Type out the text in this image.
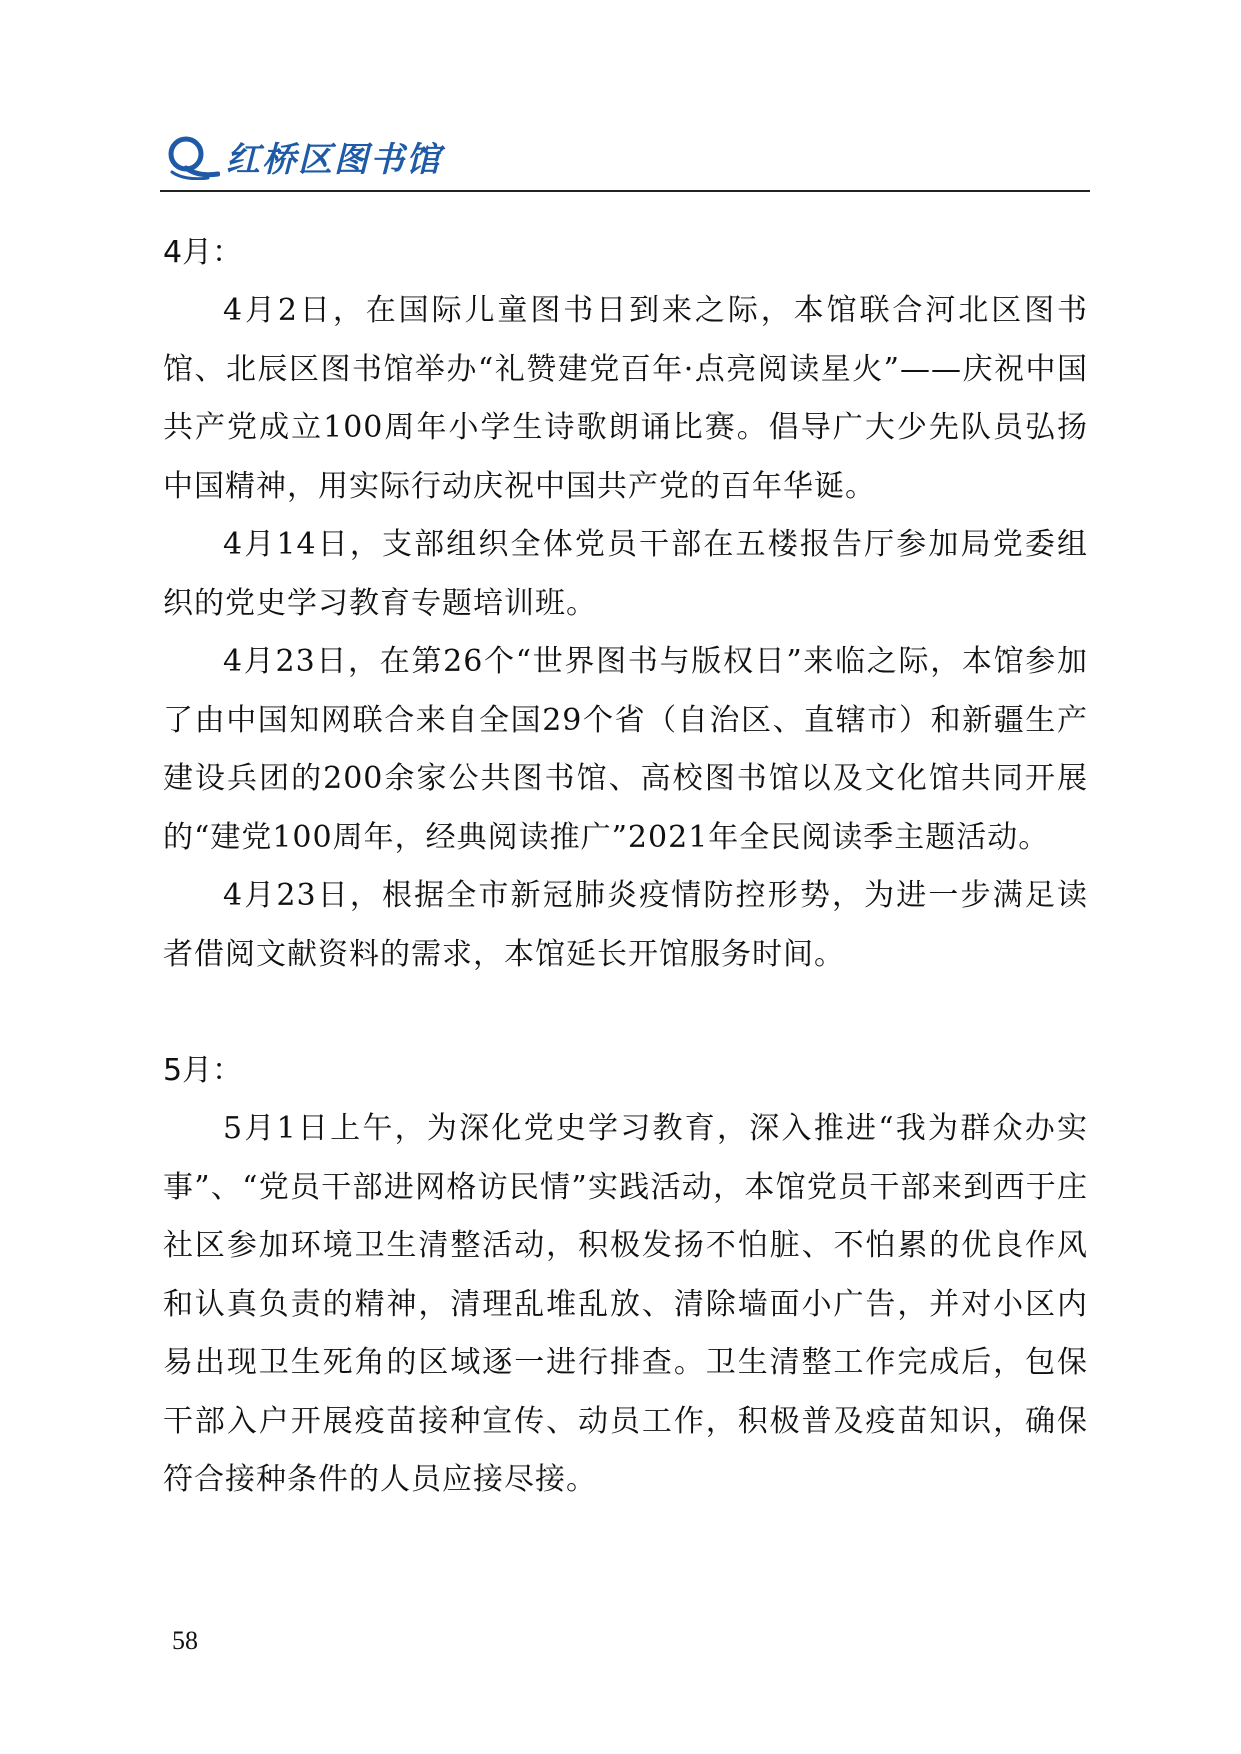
红桥区图书馆
4月：

4月2日，在国际儿童图书日到来之际，本馆联合河北区图书馆、北辰区图书馆举办“礼赞建党百年·点亮阅读星火”——庆祝中国共产党成立100周年小学生诗歌朗诵比赛。倡导广大少先队员弘扬中国精神，用实际行动庆祝中国共产党的百年华诞。

4月14日，支部组织全体党员干部在五楼报告厅参加局党委组织的党史学习教育专题培训班。

4月23日，在第26个“世界图书与版权日”来临之际，本馆参加了由中国知网联合来自全国29个省（自治区、直辖市）和新疆生产建设兵团的200余家公共图书馆、高校图书馆以及文化馆共同开展的“建党100周年，经典阅读推广”2021年全民阅读季主题活动。

4月23日，根据全市新冠肺炎疫情防控形势，为进一步满足读者借阅文献资料的需求，本馆延长开馆服务时间。

5月：

5月1日上午，为深化党史学习教育，深入推进“我为群众办实事”、“党员干部进网格访民情”实践活动，本馆党员干部来到西于庄社区参加环境卫生清整活动，积极发扬不怕脏、不怕累的优良作风和认真负责的精神，清理乱堆乱放、清除墙面小广告，并对小区内易出现卫生死角的区域逐一进行排查。卫生清整工作完成后，包保干部入户开展疫苗接种宣传、动员工作，积极普及疫苗知识，确保符合接种条件的人员应接尽接。

58
